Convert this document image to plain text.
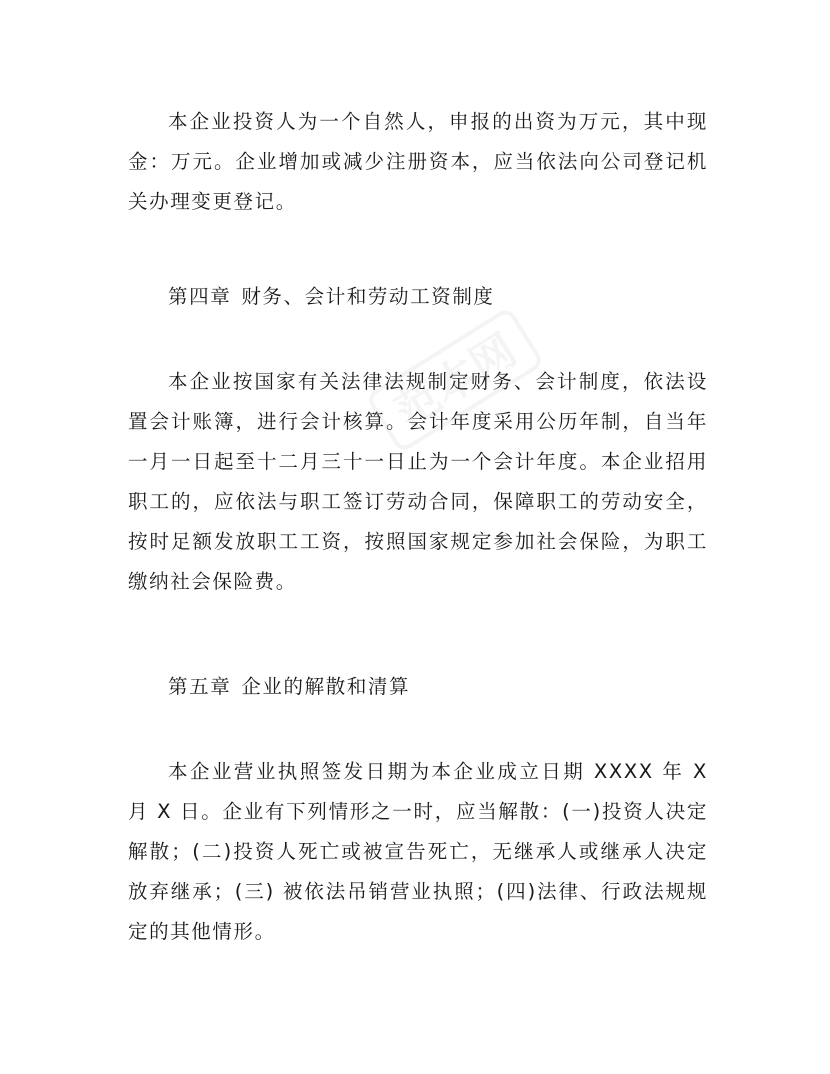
本企业投资人为一个自然人，申报的出资为万元，其中现金：万元。企业增加或减少注册资本，应当依法向公司登记机关办理变更登记。

第四章 财务、会计和劳动工资制度

本企业按国家有关法律法规制定财务、会计制度，依法设置会计账簿，进行会计核算。会计年度采用公历年制，自当年一月一日起至十二月三十一日止为一个会计年度。本企业招用职工的，应依法与职工签订劳动合同，保障职工的劳动安全，按时足额发放职工工资，按照国家规定参加社会保险，为职工缴纳社会保险费。

第五章 企业的解散和清算

本企业营业执照签发日期为本企业成立日期 XXXX 年 X 月 X 日。企业有下列情形之一时，应当解散：(一)投资人决定解散；(二)投资人死亡或被宣告死亡，无继承人或继承人决定放弃继承；(三) 被依法吊销营业执照；(四)法律、行政法规规定的其他情形。

范本网
